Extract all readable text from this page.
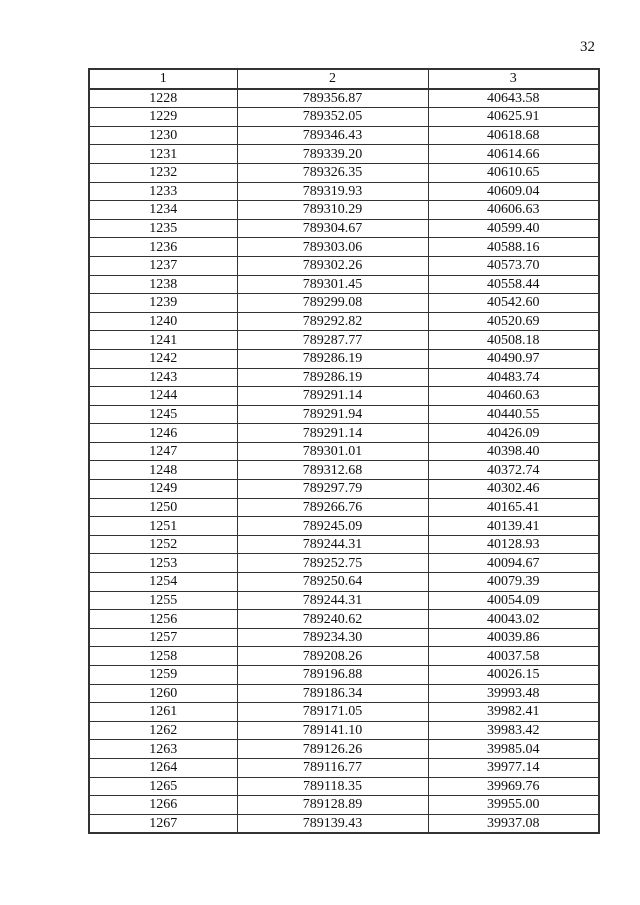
32
1	2	3
1228	789356.87	40643.58
1229	789352.05	40625.91
1230	789346.43	40618.68
1231	789339.20	40614.66
1232	789326.35	40610.65
1233	789319.93	40609.04
1234	789310.29	40606.63
1235	789304.67	40599.40
1236	789303.06	40588.16
1237	789302.26	40573.70
1238	789301.45	40558.44
1239	789299.08	40542.60
1240	789292.82	40520.69
1241	789287.77	40508.18
1242	789286.19	40490.97
1243	789286.19	40483.74
1244	789291.14	40460.63
1245	789291.94	40440.55
1246	789291.14	40426.09
1247	789301.01	40398.40
1248	789312.68	40372.74
1249	789297.79	40302.46
1250	789266.76	40165.41
1251	789245.09	40139.41
1252	789244.31	40128.93
1253	789252.75	40094.67
1254	789250.64	40079.39
1255	789244.31	40054.09
1256	789240.62	40043.02
1257	789234.30	40039.86
1258	789208.26	40037.58
1259	789196.88	40026.15
1260	789186.34	39993.48
1261	789171.05	39982.41
1262	789141.10	39983.42
1263	789126.26	39985.04
1264	789116.77	39977.14
1265	789118.35	39969.76
1266	789128.89	39955.00
1267	789139.43	39937.08
